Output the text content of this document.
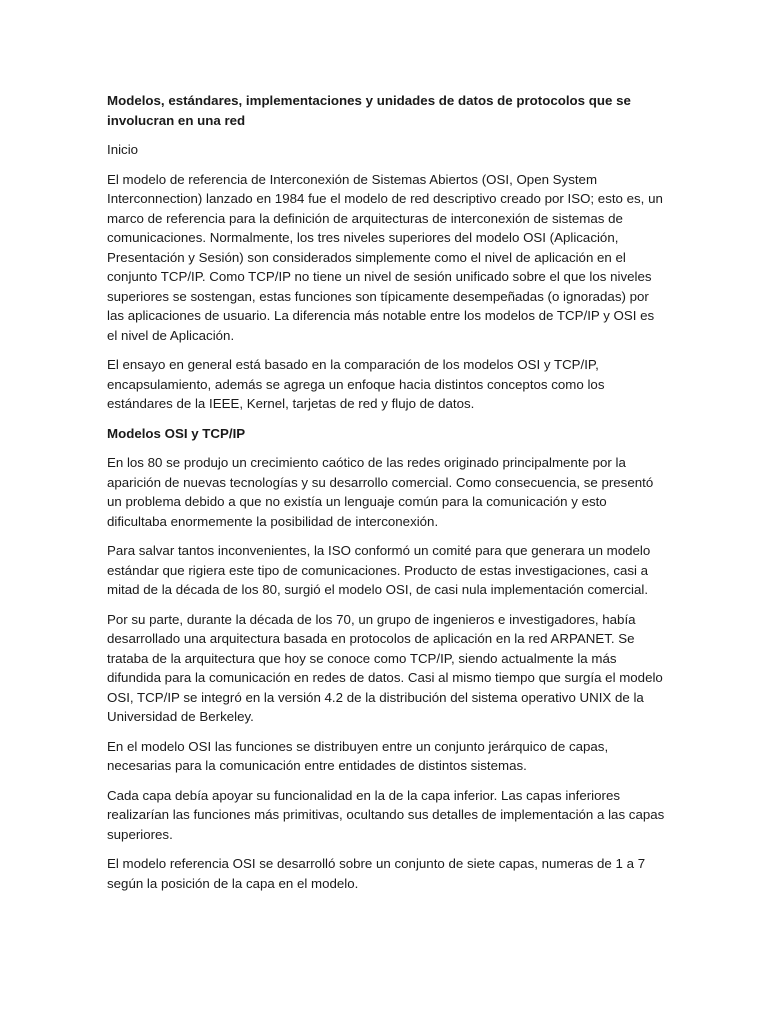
Modelos, estándares, implementaciones y unidades de datos de protocolos que se involucran en una red

Inicio

El modelo de referencia de Interconexión de Sistemas Abiertos (OSI, Open System Interconnection) lanzado en 1984 fue el modelo de red descriptivo creado por ISO; esto es, un marco de referencia para la definición de arquitecturas de interconexión de sistemas de comunicaciones. Normalmente, los tres niveles superiores del modelo OSI (Aplicación, Presentación y Sesión) son considerados simplemente como el nivel de aplicación en el conjunto TCP/IP. Como TCP/IP no tiene un nivel de sesión unificado sobre el que los niveles superiores se sostengan, estas funciones son típicamente desempeñadas (o ignoradas) por las aplicaciones de usuario. La diferencia más notable entre los modelos de TCP/IP y OSI es el nivel de Aplicación.

El ensayo en general está basado en la comparación de los modelos OSI y TCP/IP, encapsulamiento, además se agrega un enfoque hacia distintos conceptos como los estándares de la IEEE, Kernel, tarjetas de red y flujo de datos.

Modelos OSI y TCP/IP

En los 80 se produjo un crecimiento caótico de las redes originado principalmente por la aparición de nuevas tecnologías y su desarrollo comercial. Como consecuencia, se presentó un problema debido a que no existía un lenguaje común para la comunicación y esto dificultaba enormemente la posibilidad de interconexión.

Para salvar tantos inconvenientes, la ISO conformó un comité para que generara un modelo estándar que rigiera este tipo de comunicaciones. Producto de estas investigaciones, casi a mitad de la década de los 80, surgió el modelo OSI, de casi nula implementación comercial.

Por su parte, durante la década de los 70, un grupo de ingenieros e investigadores, había desarrollado una arquitectura basada en protocolos de aplicación en la red ARPANET. Se trataba de la arquitectura que hoy se conoce como TCP/IP, siendo actualmente la más difundida para la comunicación en redes de datos. Casi al mismo tiempo que surgía el modelo OSI, TCP/IP se integró en la versión 4.2 de la distribución del sistema operativo UNIX de la Universidad de Berkeley.

En el modelo OSI las funciones se distribuyen entre un conjunto jerárquico de capas, necesarias para la comunicación entre entidades de distintos sistemas.

Cada capa debía apoyar su funcionalidad en la de la capa inferior. Las capas inferiores realizarían las funciones más primitivas, ocultando sus detalles de implementación a las capas superiores.

El modelo referencia OSI se desarrolló sobre un conjunto de siete capas, numeras de 1 a 7 según la posición de la capa en el modelo.
